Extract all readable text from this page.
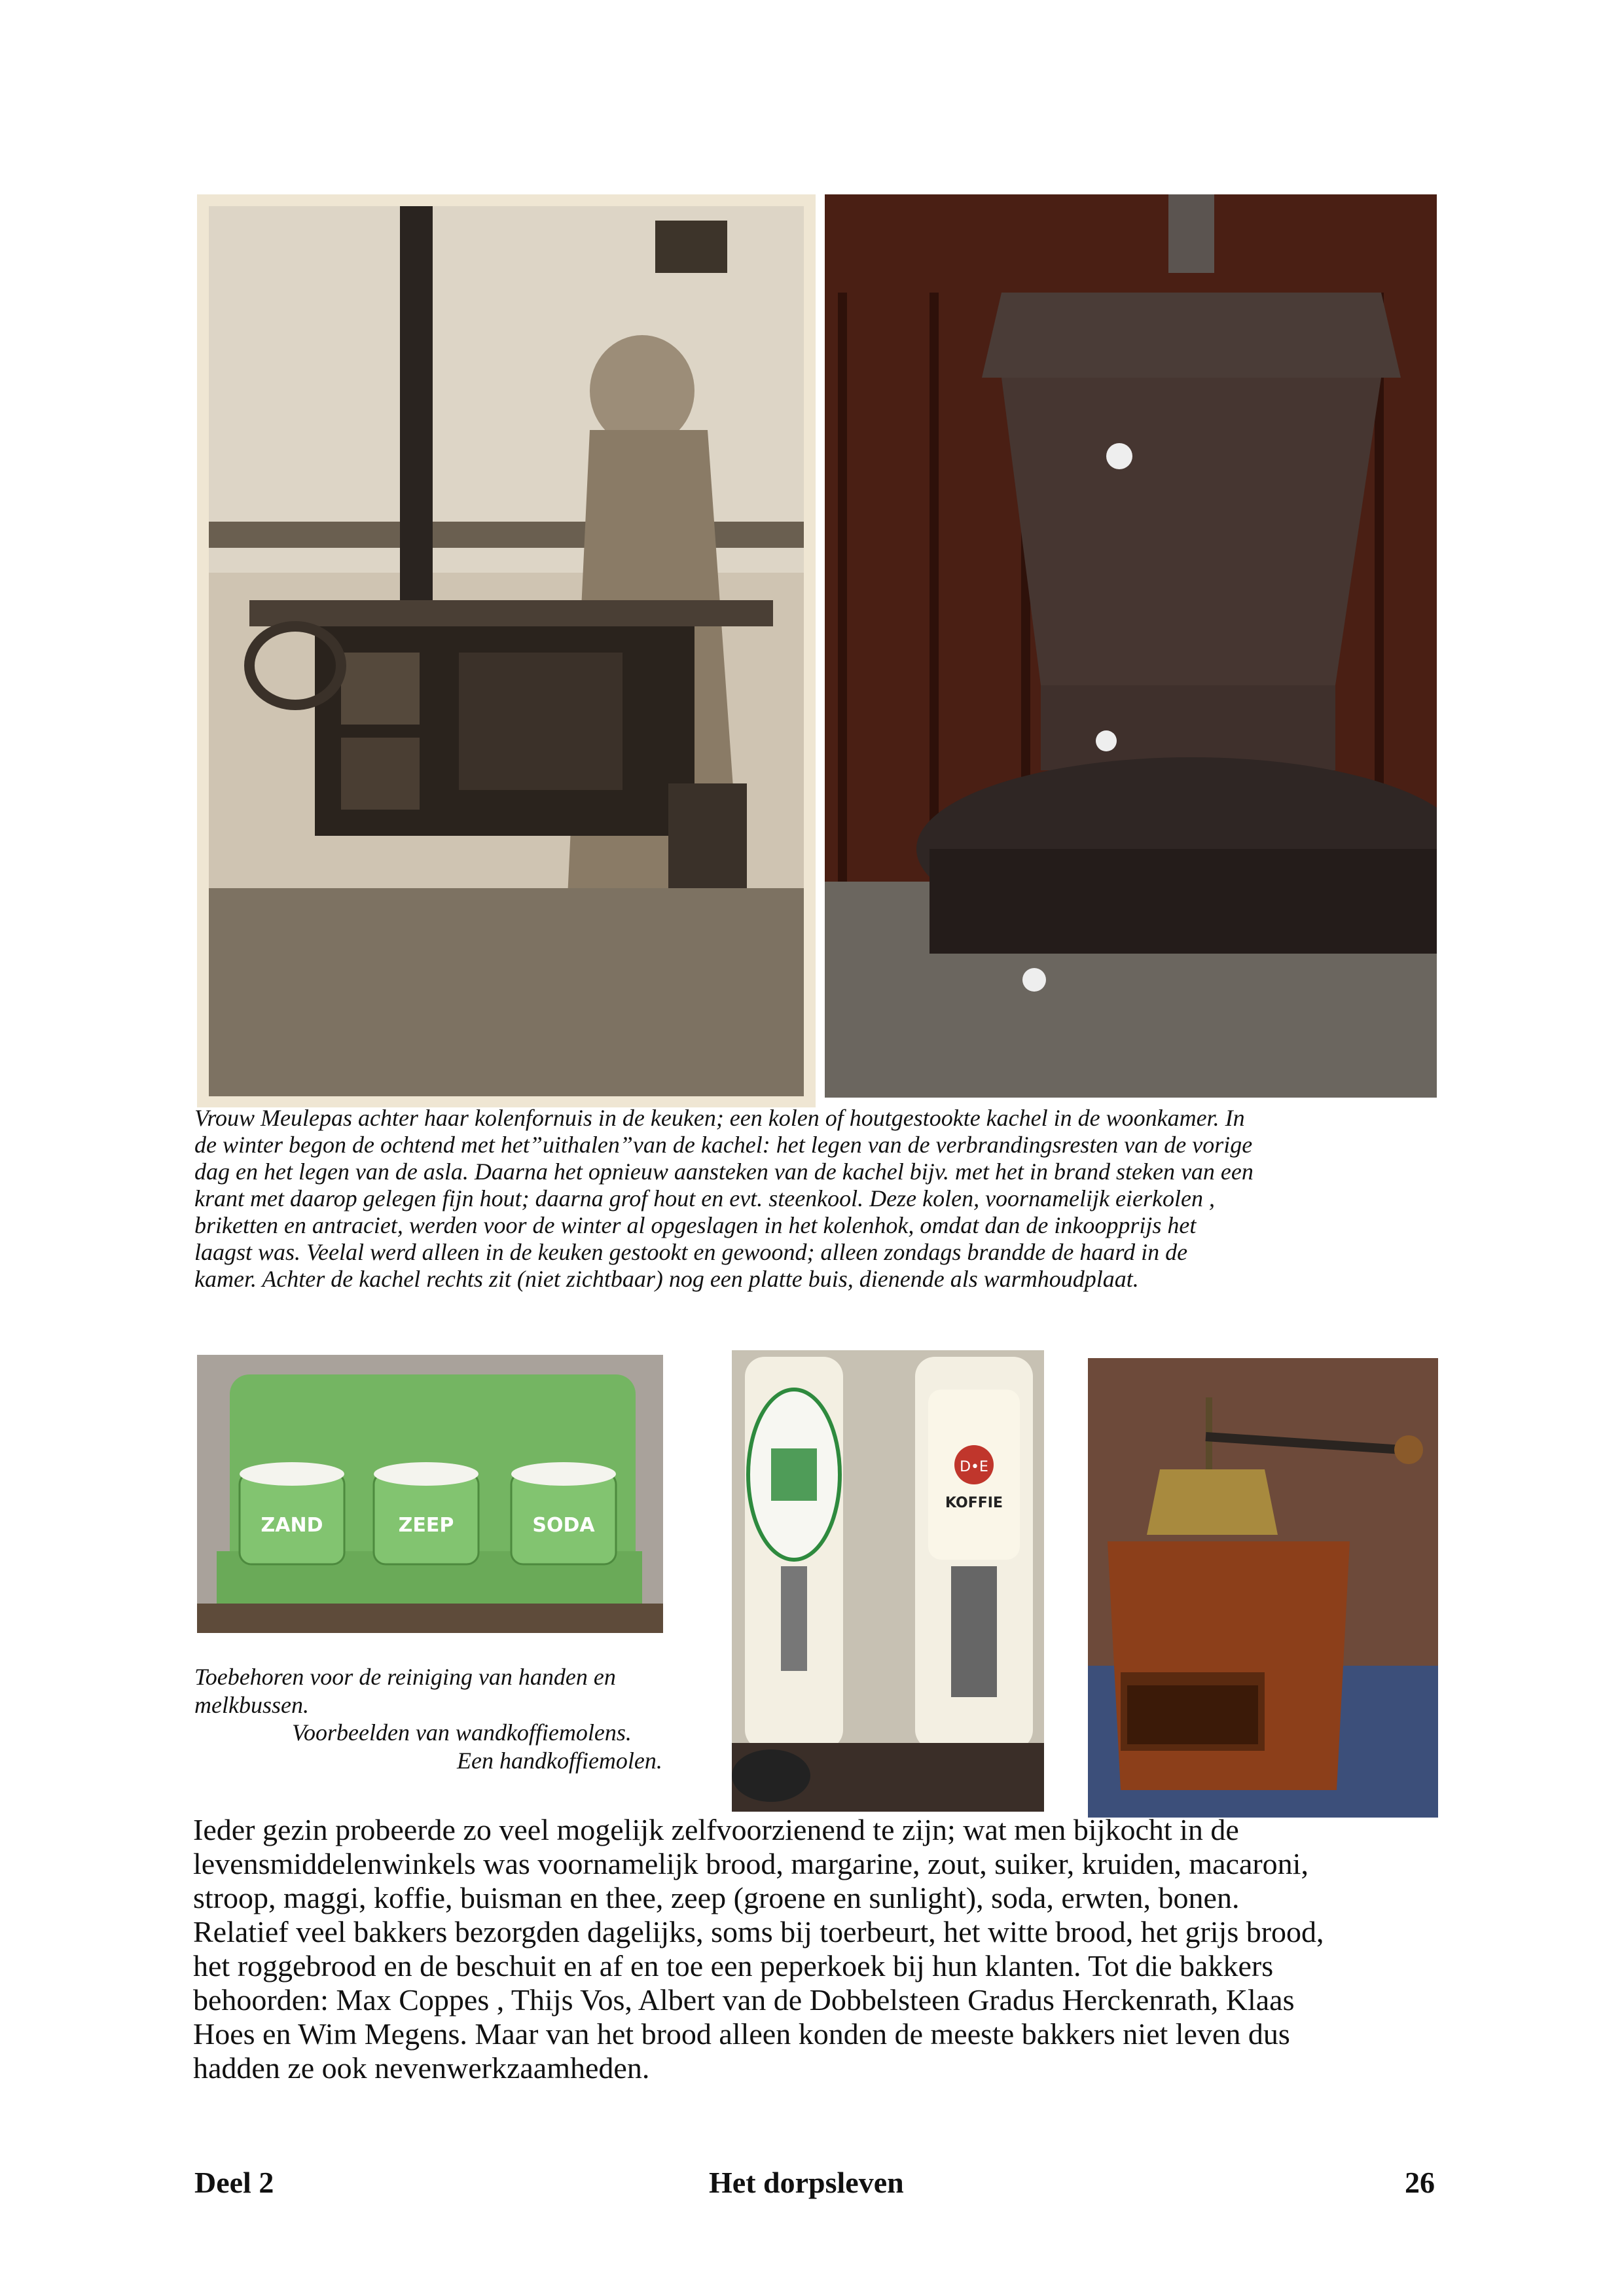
Vrouw Meulepas achter haar kolenfornuis in de keuken; een kolen of houtgestookte kachel in de woonkamer. In
de winter begon de ochtend met het”uithalen”van de kachel: het legen van de verbrandingsresten van de vorige
dag en het legen van de asla. Daarna het opnieuw aansteken van de kachel bijv. met het in brand steken van een
krant met daarop gelegen fijn hout; daarna grof hout en evt. steenkool. Deze kolen, voornamelijk eierkolen ,
briketten en antraciet, werden voor de winter al opgeslagen in het kolenhok, omdat dan de inkoopprijs het
laagst was. Veelal werd alleen in de keuken gestookt en gewoond; alleen zondags brandde de haard in de
kamer. Achter de kachel rechts zit (niet zichtbaar) nog een platte buis, dienende als warmhoudplaat.
ZAND	ZEEP	SODA
D•E
KOFFIE
Toebehoren voor de reiniging van handen en
melkbussen.
Voorbeelden van wandkoffiemolens.
Een handkoffiemolen.
Ieder gezin probeerde zo veel mogelijk zelfvoorzienend te zijn; wat men bijkocht in de
levensmiddelenwinkels was voornamelijk brood, margarine, zout, suiker, kruiden, macaroni,
stroop, maggi, koffie, buisman en thee, zeep (groene en sunlight), soda, erwten, bonen.
Relatief veel bakkers bezorgden dagelijks, soms bij toerbeurt, het witte brood, het grijs brood,
het roggebrood en de beschuit en af en toe een peperkoek bij hun klanten. Tot die bakkers
behoorden: Max Coppes , Thijs Vos, Albert van de Dobbelsteen Gradus Herckenrath, Klaas
Hoes en Wim Megens. Maar van het brood alleen konden de meeste bakkers niet leven dus
hadden ze ook nevenwerkzaamheden.
Deel 2	Het dorpsleven	26
